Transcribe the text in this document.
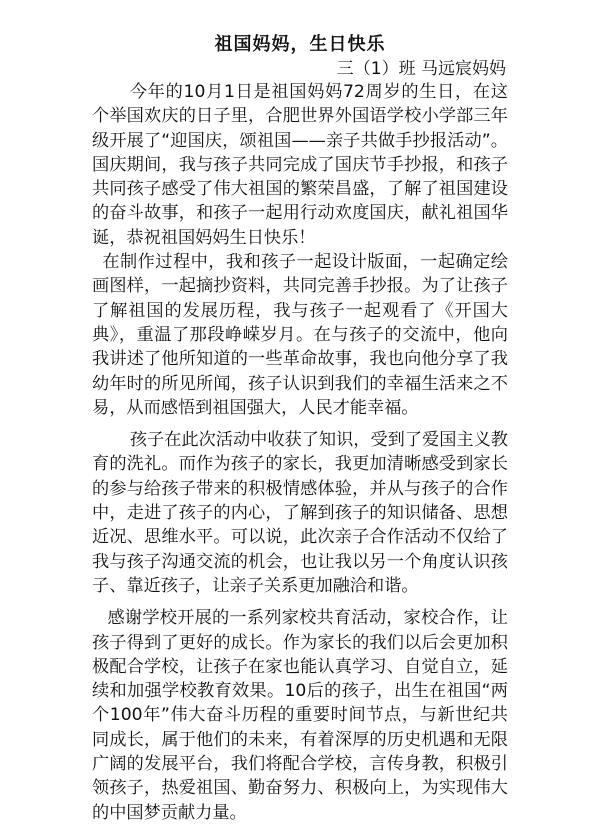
祖国妈妈，生日快乐
三（1）班 马远宸妈妈

今年的10月1日是祖国妈妈72周岁的生日，在这个举国欢庆的日子里，合肥世界外国语学校小学部三年级开展了“迎国庆，颂祖国——亲子共做手抄报活动”。国庆期间，我与孩子共同完成了国庆节手抄报，和孩子共同孩子感受了伟大祖国的繁荣昌盛，了解了祖国建设的奋斗故事，和孩子一起用行动欢度国庆，献礼祖国华诞，恭祝祖国妈妈生日快乐！

在制作过程中，我和孩子一起设计版面，一起确定绘画图样，一起摘抄资料，共同完善手抄报。为了让孩子了解祖国的发展历程，我与孩子一起观看了《开国大典》，重温了那段峥嵘岁月。在与孩子的交流中，他向我讲述了他所知道的一些革命故事，我也向他分享了我幼年时的所见所闻，孩子认识到我们的幸福生活来之不易，从而感悟到祖国强大，人民才能幸福。

孩子在此次活动中收获了知识，受到了爱国主义教育的洗礼。而作为孩子的家长，我更加清晰感受到家长的参与给孩子带来的积极情感体验，并从与孩子的合作中，走进了孩子的内心，了解到孩子的知识储备、思想近况、思维水平。可以说，此次亲子合作活动不仅给了我与孩子沟通交流的机会，也让我以另一个角度认识孩子、靠近孩子，让亲子关系更加融洽和谐。

感谢学校开展的一系列家校共育活动，家校合作，让孩子得到了更好的成长。作为家长的我们以后会更加积极配合学校，让孩子在家也能认真学习、自觉自立，延续和加强学校教育效果。10后的孩子，出生在祖国“两个100年”伟大奋斗历程的重要时间节点，与新世纪共同成长，属于他们的未来，有着深厚的历史机遇和无限广阔的发展平台，我们将配合学校，言传身教，积极引领孩子，热爱祖国、勤奋努力、积极向上，为实现伟大的中国梦贡献力量。
